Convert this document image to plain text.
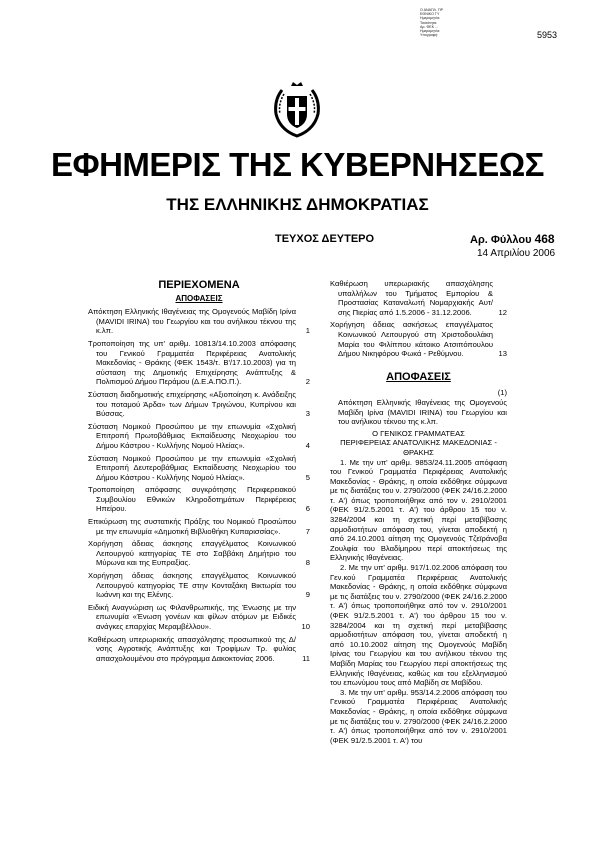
Ο ΑΝΑΠΛ. ΠΡ
ΕΘΝΙΚΟ ΤΥ
Ημερομηνία:
Ταυτότητα:
Αρ. ΦΕΚ ...
Ημερομηνία:
Υπογραφή:	5953
ΕΦΗΜΕΡΙΣ ΤΗΣ ΚΥΒΕΡΝΗΣΕΩΣ
ΤΗΣ ΕΛΛΗΝΙΚΗΣ ΔΗΜΟΚΡΑΤΙΑΣ
ΤΕΥΧΟΣ ΔΕΥΤΕΡΟ	Αρ. Φύλλου 468
14 Απριλίου 2006

ΠΕΡΙΕΧΟΜΕΝΑ

ΑΠΟΦΑΣΕΙΣ

Απόκτηση Ελληνικής Ιθαγένειας της Ομογενούς Μαβίδη Ιρίνα (MAVIDI IRINA) του Γεωργίου και του ανήλικου τέκνου της κ.λπ.	1
Τροποποίηση της υπ' αριθμ. 10813/14.10.2003 απόφασης του Γενικού Γραμματέα Περιφέρειας Ανατολικής Μακεδονίας - Θράκης (ΦΕΚ 1543/τ. Β'/17.10.2003) για τη σύσταση της Δημοτικής Επιχείρησης Ανάπτυξης & Πολιτισμού Δήμου Περάμου (Δ.Ε.Α.ΠΟ.Π.).	2
Σύσταση διαδημοτικής επιχείρησης «Αξιοποίηση κ. Ανάδειξης του ποταμού Άρδα» των Δήμων Τριγώνου, Κυπρίνου και Βύσσας.	3
Σύσταση Νομικού Προσώπου με την επωνυμία «Σχολική Επιτροπή Πρωτοβάθμιας Εκπαίδευσης Νεοχωρίου του Δήμου Κάστρου - Κυλλήνης Νομού Ηλείας».	4
Σύσταση Νομικού Προσώπου με την επωνυμία «Σχολική Επιτροπή Δευτεροβάθμιας Εκπαίδευσης Νεοχωρίου του Δήμου Κάστρου - Κυλλήνης Νομού Ηλείας».	5
Τροποποίηση απόφασης συγκρότησης Περιφερειακού Συμβουλίου Εθνικών Κληροδοτημάτων Περιφέρειας Ηπείρου.	6
Επικύρωση της συστατικής Πράξης του Νομικού Προσώπου με την επωνυμία «Δημοτική Βιβλιοθήκη Κυπαρισσίας».	7
Χορήγηση άδειας άσκησης επαγγέλματος Κοινωνικού Λειτουργού κατηγορίας ΤΕ στο Σαββάκη Δημήτριο του Μύρωνα και της Ευπραξίας.	8
Χορήγηση άδειας άσκησης επαγγέλματος Κοινωνικού Λειτουργού κατηγορίας ΤΕ στην Κονταξάκη Βικτωρία του Ιωάννη και της Ελένης.	9
Ειδική Αναγνώριση ως Φιλανθρωπικής, της Ένωσης με την επωνυμία «Ένωση γονέων και φίλων ατόμων με Ειδικές ανάγκες επαρχίας Μεραμβέλλου».	10
Καθιέρωση υπερωριακής απασχόλησης προσωπικού της Δ/νσης Αγροτικής Ανάπτυξης και Τροφίμων Τρ. φυλίας απασχολουμένου στο πρόγραμμα Δακοκτονίας 2006.	11
Καθιέρωση υπερωριακής απασχόλησης υπαλλήλων του Τμήματος Εμπορίου & Προστασίας Καταναλωτή Νομαρχιακής Αυτ/σης Πιερίας από 1.5.2006 - 31.12.2006.	12
Χορήγηση άδειας ασκήσεως επαγγέλματος Κοινωνικού Λειτουργού στη Χριστοδουλάκη Μαρία του Φιλίππου κάτοικο Ατσιπόπουλου Δήμου Νικηφόρου Φωκά - Ρεθύμνου.	13

ΑΠΟΦΑΣΕΙΣ

(1)

Απόκτηση Ελληνικής Ιθαγένειας της Ομογενούς Μαβίδη Ιρίνα (MAVIDI IRINA) του Γεωργίου και του ανήλικου τέκνου της κ.λπ.

Ο ΓΕΝΙΚΟΣ ΓΡΑΜΜΑΤΕΑΣ

ΠΕΡΙΦΕΡΕΙΑΣ ΑΝΑΤΟΛΙΚΗΣ ΜΑΚΕΔΟΝΙΑΣ - ΘΡΑΚΗΣ

1. Με την υπ' αριθμ. 9853/24.11.2005 απόφαση του Γενικού Γραμματέα Περιφέρειας Ανατολικής Μακεδονίας - Θράκης, η οποία εκδόθηκε σύμφωνα με τις διατάξεις του ν. 2790/2000 (ΦΕΚ 24/16.2.2000 τ. Α') όπως τροποποιήθηκε από τον ν. 2910/2001 (ΦΕΚ 91/2.5.2001 τ. Α') του άρθρου 15 του ν. 3284/2004 και τη σχετική περί μεταβίβασης αρμοδιοτήτων απόφαση του, γίνεται αποδεκτή η από 24.10.2001 αίτηση της Ομογενούς Τζεϊράνοβα Ζουλφία του Βλαδίμηρου περί αποκτήσεως της Ελληνικής Ιθαγένειας.

2. Με την υπ' αριθμ. 917/1.02.2006 απόφαση του Γεν.κού Γραμματέα Περιφέρειας Ανατολικής Μακεδονίας - Θράκης, η οποία εκδόθηκε σύμφωνα με τις διατάξεις του ν. 2790/2000 (ΦΕΚ 24/16.2.2000 τ. Α') όπως τροποποιήθηκε από τον ν. 2910/2001 (ΦΕΚ 91/2.5.2001 τ. Α') του άρθρου 15 του ν. 3284/2004 και τη σχετική περί μεταβίβασης αρμοδιοτήτων απόφαση του, γίνεται αποδεκτή η από 10.10.2002 αίτηση της Ομογενούς Μαβίδη Ιρίνας του Γεωργίου και του ανήλικου τέκνου της Μαβίδη Μαρίας του Γεωργίου περί αποκτήσεως της Ελληνικής Ιθαγένειας, καθώς και του εξελληνισμού του επωνύμου τους από Μαβίδη σε Μαβίδου.

3. Με την υπ' αριθμ. 953/14.2.2006 απόφαση του Γενικού Γραμματέα Περιφέρειας Ανατολικής Μακεδονίας - Θράκης, η οποία εκδόθηκε σύμφωνα με τις διατάξεις του ν. 2790/2000 (ΦΕΚ 24/16.2.2000 τ. Α') όπως τροποποιήθηκε από τον ν. 2910/2001 (ΦΕΚ 91/2.5.2001 τ. Α') του
